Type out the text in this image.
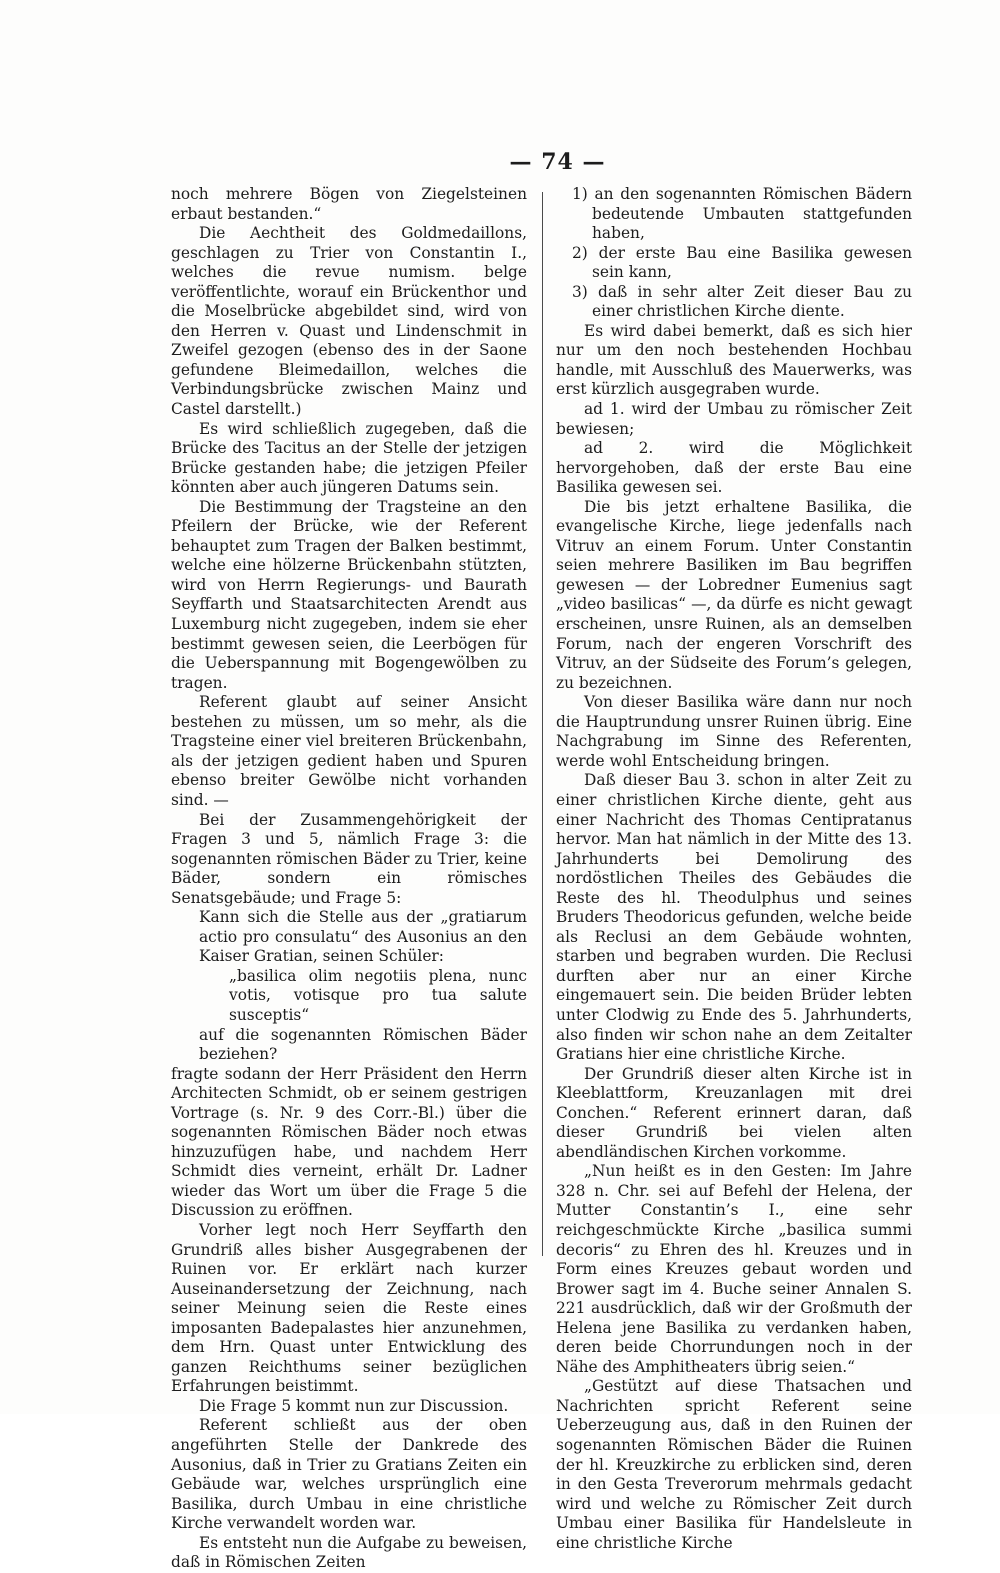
— 74 —

noch mehrere Bögen von Ziegelsteinen erbaut bestanden.“

Die Aechtheit des Goldmedaillons, geschlagen zu Trier von Constantin I., welches die revue numism. belge veröffentlichte, worauf ein Brückenthor und die Moselbrücke abgebildet sind, wird von den Herren v. Quast und Lindenschmit in Zweifel gezogen (ebenso des in der Saone gefundene Bleimedaillon, welches die Verbindungsbrücke zwischen Mainz und Castel darstellt.)

Es wird schließlich zugegeben, daß die Brücke des Tacitus an der Stelle der jetzigen Brücke gestanden habe; die jetzigen Pfeiler könnten aber auch jüngeren Datums sein.

Die Bestimmung der Tragsteine an den Pfeilern der Brücke, wie der Referent behauptet zum Tragen der Balken bestimmt, welche eine hölzerne Brückenbahn stützten, wird von Herrn Regierungs- und Baurath Seyffarth und Staatsarchitecten Arendt aus Luxemburg nicht zugegeben, indem sie eher bestimmt gewesen seien, die Leerbögen für die Ueberspannung mit Bogengewölben zu tragen.

Referent glaubt auf seiner Ansicht bestehen zu müssen, um so mehr, als die Tragsteine einer viel breiteren Brückenbahn, als der jetzigen gedient haben und Spuren ebenso breiter Gewölbe nicht vorhanden sind. —

Bei der Zusammengehörigkeit der Fragen 3 und 5, nämlich Frage 3: die sogenannten römischen Bäder zu Trier, keine Bäder, sondern ein römisches Senatsgebäude; und Frage 5:

Kann sich die Stelle aus der „gratiarum actio pro consulatu“ des Ausonius an den Kaiser Gratian, seinen Schüler:

„basilica olim negotiis plena, nunc votis, votisque pro tua salute susceptis“

auf die sogenannten Römischen Bäder beziehen?

fragte sodann der Herr Präsident den Herrn Architecten Schmidt, ob er seinem gestrigen Vortrage (s. Nr. 9 des Corr.-Bl.) über die sogenannten Römischen Bäder noch etwas hinzuzufügen habe, und nachdem Herr Schmidt dies verneint, erhält Dr. Ladner wieder das Wort um über die Frage 5 die Discussion zu eröffnen.

Vorher legt noch Herr Seyffarth den Grundriß alles bisher Ausgegrabenen der Ruinen vor. Er erklärt nach kurzer Auseinandersetzung der Zeichnung, nach seiner Meinung seien die Reste eines imposanten Badepalastes hier anzunehmen, dem Hrn. Quast unter Entwicklung des ganzen Reichthums seiner bezüglichen Erfahrungen beistimmt.

Die Frage 5 kommt nun zur Discussion.

Referent schließt aus der oben angeführten Stelle der Dankrede des Ausonius, daß in Trier zu Gratians Zeiten ein Gebäude war, welches ursprünglich eine Basilika, durch Umbau in eine christliche Kirche verwandelt worden war.

Es entsteht nun die Aufgabe zu beweisen, daß in Römischen Zeiten

1) an den sogenannten Römischen Bädern bedeutende Umbauten stattgefunden haben,

2) der erste Bau eine Basilika gewesen sein kann,

3) daß in sehr alter Zeit dieser Bau zu einer christlichen Kirche diente.

Es wird dabei bemerkt, daß es sich hier nur um den noch bestehenden Hochbau handle, mit Ausschluß des Mauerwerks, was erst kürzlich ausgegraben wurde.

ad 1. wird der Umbau zu römischer Zeit bewiesen;

ad 2. wird die Möglichkeit hervorgehoben, daß der erste Bau eine Basilika gewesen sei.

Die bis jetzt erhaltene Basilika, die evangelische Kirche, liege jedenfalls nach Vitruv an einem Forum. Unter Constantin seien mehrere Basiliken im Bau begriffen gewesen — der Lobredner Eumenius sagt „video basilicas“ —, da dürfe es nicht gewagt erscheinen, unsre Ruinen, als an demselben Forum, nach der engeren Vorschrift des Vitruv, an der Südseite des Forum’s gelegen, zu bezeichnen.

Von dieser Basilika wäre dann nur noch die Hauptrundung unsrer Ruinen übrig. Eine Nachgrabung im Sinne des Referenten, werde wohl Entscheidung bringen.

Daß dieser Bau 3. schon in alter Zeit zu einer christlichen Kirche diente, geht aus einer Nachricht des Thomas Centipratanus hervor. Man hat nämlich in der Mitte des 13. Jahrhunderts bei Demolirung des nordöstlichen Theiles des Gebäudes die Reste des hl. Theodulphus und seines Bruders Theodoricus gefunden, welche beide als Reclusi an dem Gebäude wohnten, starben und begraben wurden. Die Reclusi durften aber nur an einer Kirche eingemauert sein. Die beiden Brüder lebten unter Clodwig zu Ende des 5. Jahrhunderts, also finden wir schon nahe an dem Zeitalter Gratians hier eine christliche Kirche.

Der Grundriß dieser alten Kirche ist in Kleeblattform, Kreuzanlagen mit drei Conchen.“ Referent erinnert daran, daß dieser Grundriß bei vielen alten abendländischen Kirchen vorkomme.

„Nun heißt es in den Gesten: Im Jahre 328 n. Chr. sei auf Befehl der Helena, der Mutter Constantin’s I., eine sehr reichgeschmückte Kirche „basilica summi decoris“ zu Ehren des hl. Kreuzes und in Form eines Kreuzes gebaut worden und Brower sagt im 4. Buche seiner Annalen S. 221 ausdrücklich, daß wir der Großmuth der Helena jene Basilika zu verdanken haben, deren beide Chorrundungen noch in der Nähe des Amphitheaters übrig seien.“

„Gestützt auf diese Thatsachen und Nachrichten spricht Referent seine Ueberzeugung aus, daß in den Ruinen der sogenannten Römischen Bäder die Ruinen der hl. Kreuzkirche zu erblicken sind, deren in den Gesta Treverorum mehrmals gedacht wird und welche zu Römischer Zeit durch Umbau einer Basilika für Handelsleute in eine christliche Kirche
